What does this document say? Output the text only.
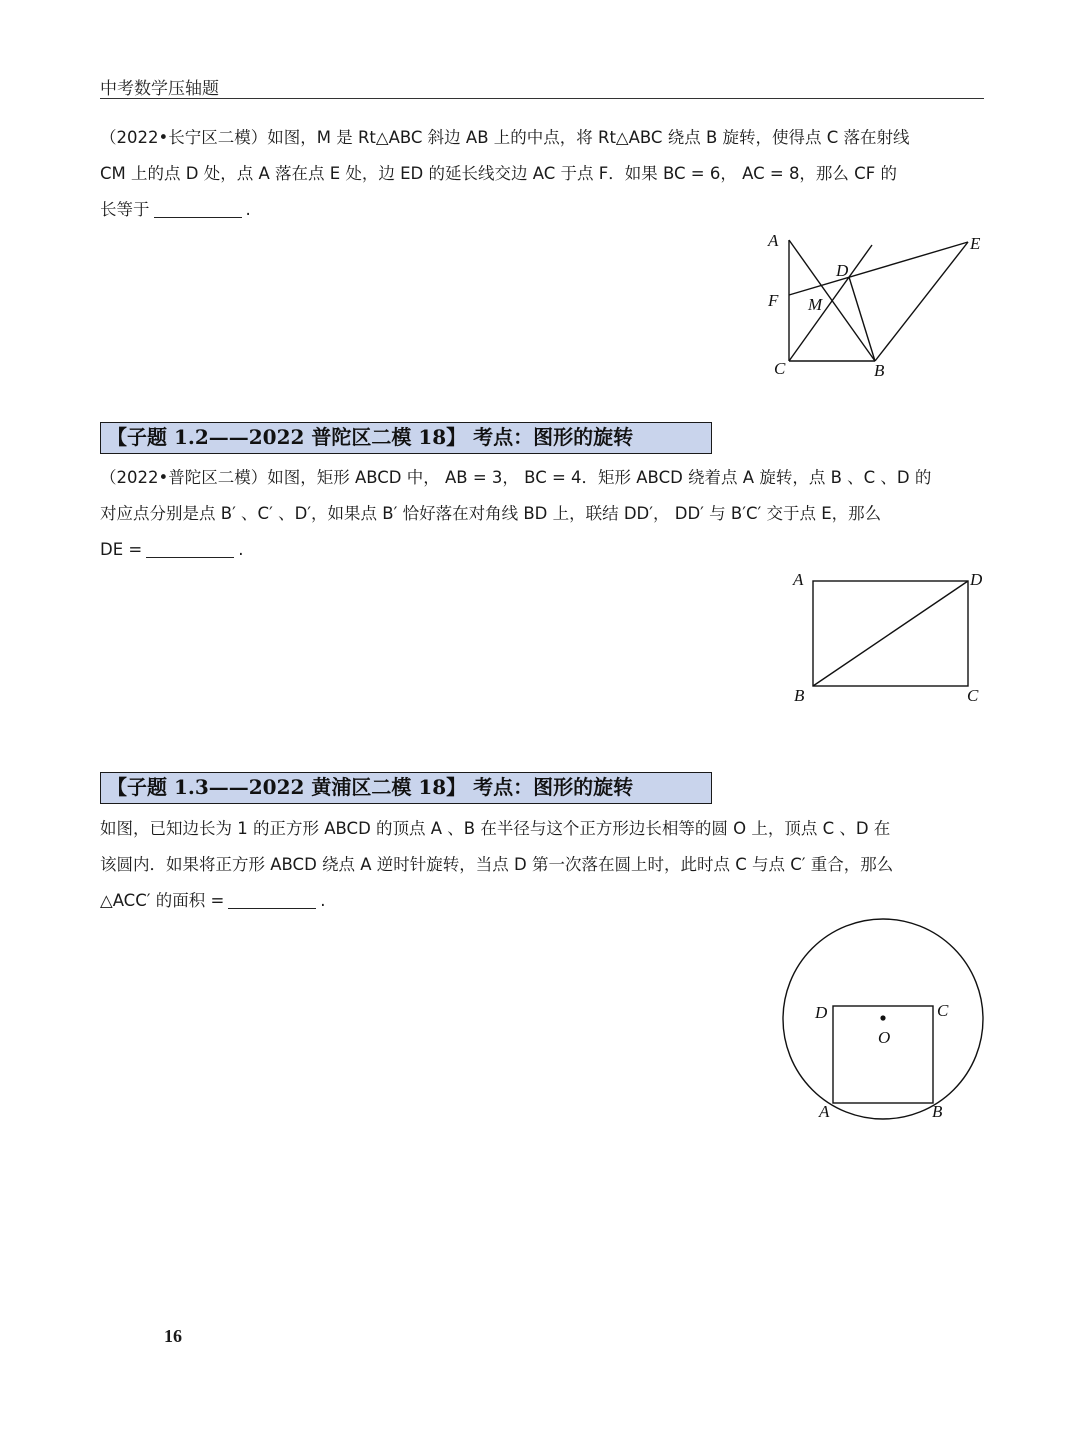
中考数学压轴题
（2022•长宁区二模）如图，M 是 Rt△ABC 斜边 AB 上的中点，将 Rt△ABC 绕点 B 旋转，使得点 C 落在射线
CM 上的点 D 处，点 A 落在点 E 处，边 ED 的延长线交边 AC 于点 F．如果 BC = 6， AC = 8，那么 CF 的
长等于	.
A	E
D
F M
C	B
【子题 1.2——2022 普陀区二模 18】 考点：图形的旋转
（2022•普陀区二模）如图，矩形 ABCD 中， AB = 3， BC = 4．矩形 ABCD 绕着点 A 旋转，点 B 、C 、D 的
对应点分别是点 B′ 、C′ 、D′，如果点 B′ 恰好落在对角线 BD 上，联结 DD′， DD′ 与 B′C′ 交于点 E，那么
DE =	.
A	D
B	C
【子题 1.3——2022 黄浦区二模 18】 考点：图形的旋转
如图，已知边长为 1 的正方形 ABCD 的顶点 A 、B 在半径与这个正方形边长相等的圆 O 上，顶点 C 、D 在
该圆内．如果将正方形 ABCD 绕点 A 逆时针旋转，当点 D 第一次落在圆上时，此时点 C 与点 C′ 重合，那么
△ACC′ 的面积 =	.
D	C
O
A	B
16
